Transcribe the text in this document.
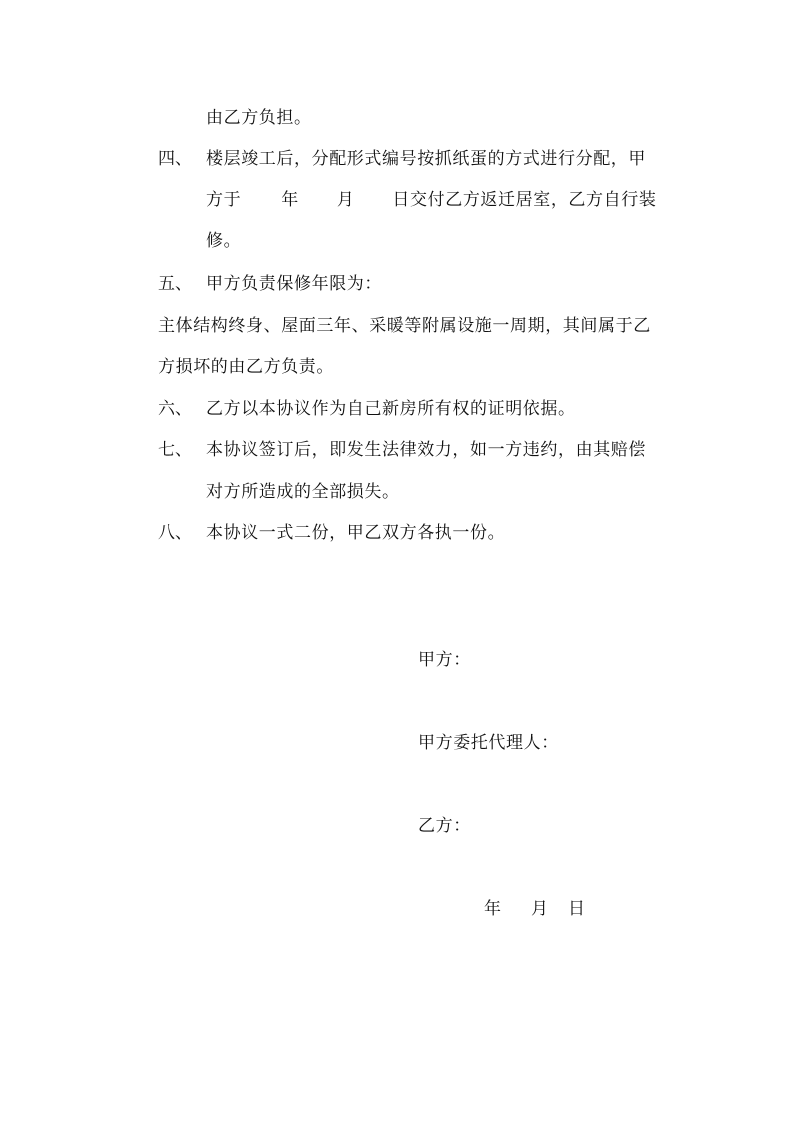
由乙方负担。
四、 楼层竣工后，分配形式编号按抓纸蛋的方式进行分配，甲
方于 年 月 日交付乙方返迁居室，乙方自行装
修。
五、 甲方负责保修年限为：
主体结构终身、屋面三年、采暖等附属设施一周期，其间属于乙
方损坏的由乙方负责。
六、 乙方以本协议作为自己新房所有权的证明依据。
七、 本协议签订后，即发生法律效力，如一方违约，由其赔偿
对方所造成的全部损失。
八、 本协议一式二份，甲乙双方各执一份。
甲方：
甲方委托代理人：
乙方：
年 月 日
